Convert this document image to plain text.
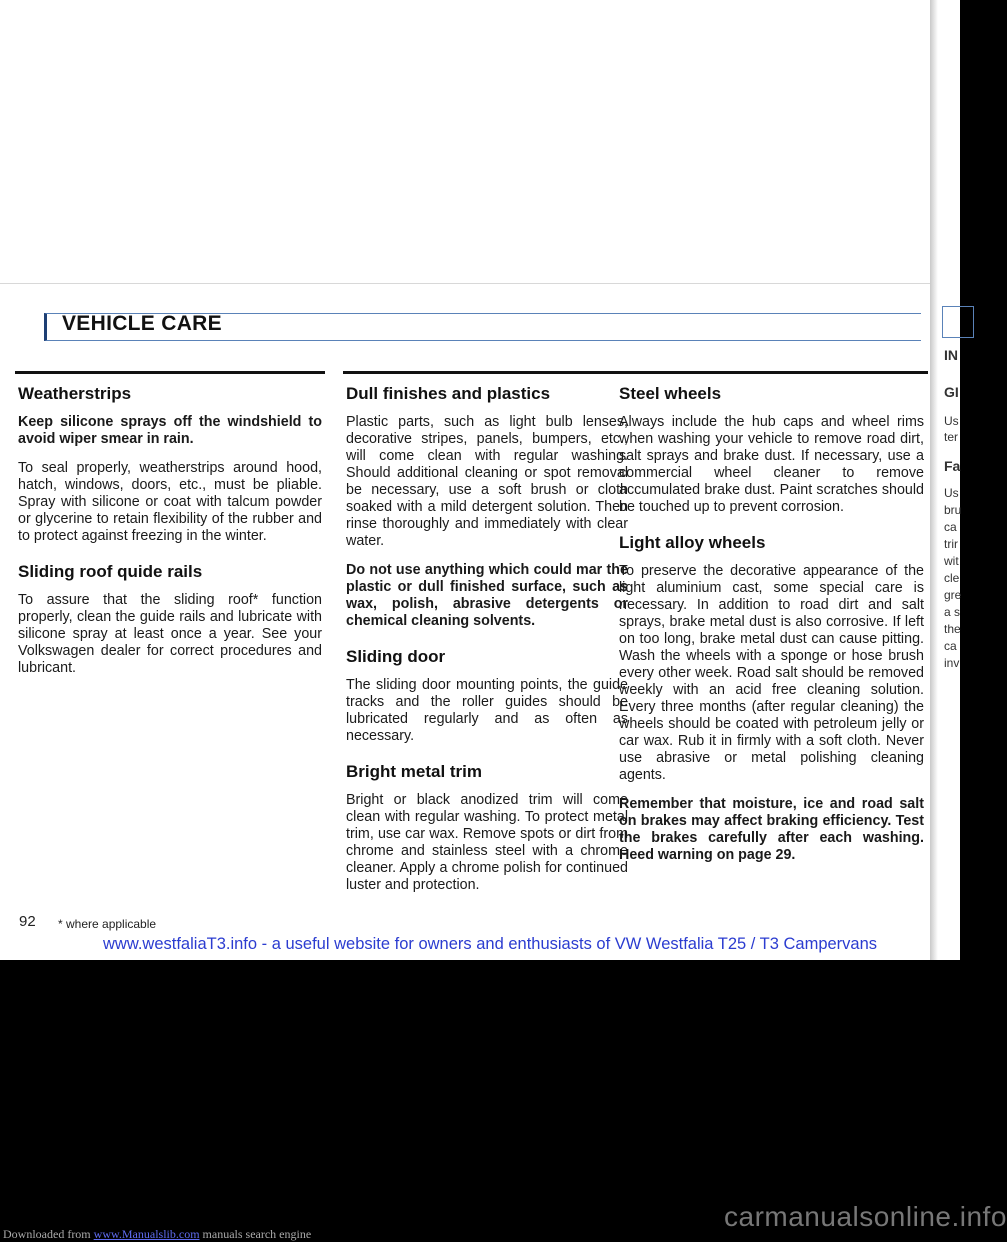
VEHICLE CARE
Weatherstrips

Keep silicone sprays off the windshield to avoid wiper smear in rain.

To seal properly, weatherstrips around hood, hatch, windows, doors, etc., must be pliable. Spray with silicone or coat with talcum powder or glycerine to retain flexibility of the rubber and to protect against freezing in the winter.

Sliding roof quide rails

To assure that the sliding roof* function properly, clean the guide rails and lubricate with silicone spray at least once a year. See your Volkswagen dealer for correct procedures and lubricant.

Dull finishes and plastics

Plastic parts, such as light bulb lenses, decorative stripes, panels, bumpers, etc., will come clean with regular washing. Should additional cleaning or spot removal be necessary, use a soft brush or cloth soaked with a mild detergent solution. Then rinse thoroughly and immediately with clear water.

Do not use anything which could mar the plastic or dull finished surface, such as wax, polish, abrasive detergents or chemical cleaning solvents.

Sliding door

The sliding door mounting points, the guide tracks and the roller guides should be lubricated regularly and as often as necessary.

Bright metal trim

Bright or black anodized trim will come clean with regular washing. To protect metal trim, use car wax. Remove spots or dirt from chrome and stainless steel with a chrome cleaner. Apply a chrome polish for continued luster and protection.

Steel wheels

Always include the hub caps and wheel rims when washing your vehicle to remove road dirt, salt sprays and brake dust. If necessary, use a commercial wheel cleaner to remove accumulated brake dust. Paint scratches should be touched up to prevent corrosion.

Light alloy wheels

To preserve the decorative appearance of the light aluminium cast, some special care is necessary. In addition to road dirt and salt sprays, brake metal dust is also corrosive. If left on too long, brake metal dust can cause pitting. Wash the wheels with a sponge or hose brush every other week. Road salt should be removed weekly with an acid free cleaning solution. Every three months (after regular cleaning) the wheels should be coated with petroleum jelly or car wax. Rub it in firmly with a soft cloth. Never use abrasive or metal polishing cleaning agents.

Remember that moisture, ice and road salt on brakes may affect braking efficiency. Test the brakes carefully after each washing. Heed warning on page 29.

92 * where applicable
www.westfaliaT3.info - a useful website for owners and enthusiasts of VW Westfalia T25 / T3 Campervans
IN
GI
Us
ter
Fa
Us
bru
ca
trir
wit
cle
gre
a s
the
ca
inv
carmanualsonline.info
Downloaded from www.Manualslib.com manuals search engine
